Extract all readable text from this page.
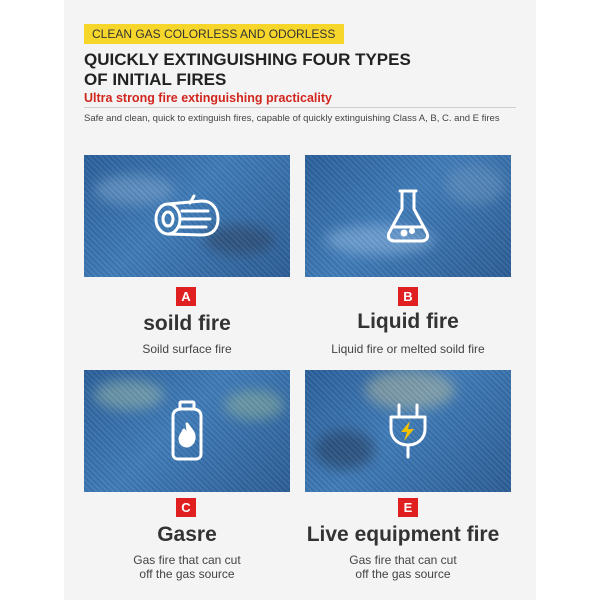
CLEAN GAS COLORLESS AND ODORLESS
QUICKLY EXTINGUISHING FOUR TYPES
OF INITIAL FIRES
Ultra strong fire extinguishing practicality
Safe and clean, quick to extinguish fires, capable of quickly extinguishing Class A, B, C. and E fires
A
soild fire
Soild surface fire
B
Liquid fire
Liquid fire or melted soild fire
C
Gasre
Gas fire that can cut
off the gas source
E
Live equipment fire
Gas fire that can cut
off the gas source
